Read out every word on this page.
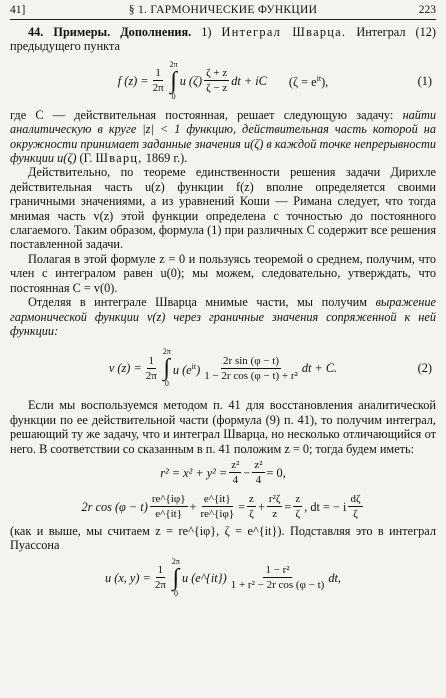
41]	§ 1. ГАРМОНИЧЕСКИЕ ФУНКЦИИ	223

44. Примеры. Дополнения. 1) Интеграл Шварца. Интеграл (12) предыдущего пункта

f $(z) = \frac{1}{2\pi}$
2π
∫
0
u $(\zeta) \frac{\zeta + z}{\zeta - z}$ dt + iC $(\zeta = e^{it})$,	(1)

где C — действительная постоянная, решает следующую задачу: найти аналитическую в круге |z| < 1 функцию, действительная часть которой на окружности принимает заданные значения u(ζ) в каждой точке непрерывности функции u(ζ) (Г. Шварц, 1869 г.).

Действительно, по теореме единственности решения задачи Дирихле действительная часть u(z) функции f(z) вполне определяется своими граничными значениями, а из уравнений Коши — Римана следует, что тогда мнимая часть v(z) этой функции определена с точностью до постоянного слагаемого. Таким образом, формула (1) при различных C содержит все решения поставленной задачи.

Полагая в этой формуле z = 0 и пользуясь теоремой о среднем, получим, что член с интегралом равен u(0); мы можем, следовательно, утверждать, что постоянная C = v(0).

Отделяя в интеграле Шварца мнимые части, мы получим выражение гармонической функции v(z) через граничные значения сопряженной к ней функции:

v $(z) = \frac{1}{2\pi}$
2π
∫
0
u $(e^{it}) \frac{\text{2r sin (φ − t)}}{\text{1 − 2r cos (φ − t) + r²}}$ dt + C.	(2)

Если мы воспользуемся методом п. 41 для восстановления аналитической функции по ее действительной части (формула (9) п. 41), то получим интеграл, решающий ту же задачу, что и интеграл Шварца, но несколько отличающийся от него. В соответствии со сказанным в п. 41 положим z = 0; тогда будем иметь:

$r^2 = x^2 + y^2 = \frac{\text{z²}}{4} - \frac{\text{z²}}{4} = 0$,
2r $\cos (\varphi - t) \frac{re\^{}\{i\varphi\}}{e\^{}\{it\}} + \frac{e\^{}\{it\}}{re\^{}\{i\varphi\}} = \frac{z}{\zeta} + \frac{\text{r²ζ}}{z} = \frac{z}{\zeta}$ , dt = − i $\frac{d\zeta}{\zeta}$

(как и выше, мы считаем z = re^{iφ}, ζ = e^{it}). Подставляя это в интеграл Пуассона

u (x, $y) = \frac{1}{2\pi}$
2π
∫
0
u (e^{it}) $\frac{\text{1 − r²}}{\text{1 + r² − 2r cos (φ − t)}}$ dt,
